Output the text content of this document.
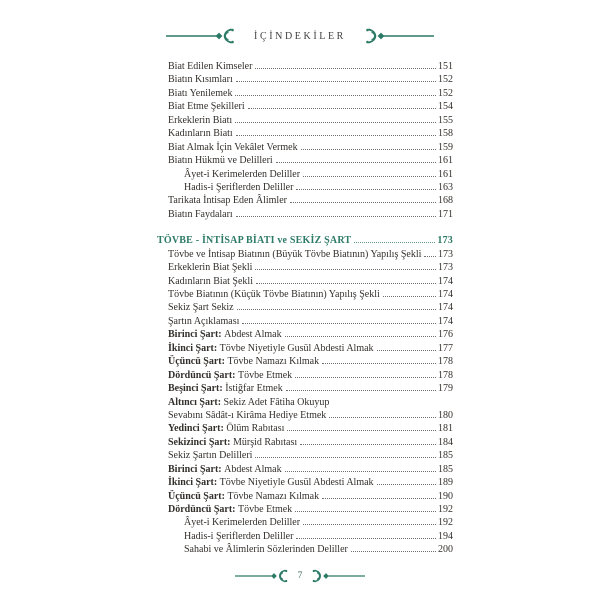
İÇİNDEKİLER
Biat Edilen Kimseler	151
Biatın Kısımları	152
Biatı Yenilemek	152
Biat Etme Şekilleri	154
Erkeklerin Biatı	155
Kadınların Biatı	158
Biat Almak İçin Vekâlet Vermek	159
Biatın Hükmü ve Delilleri	161
Âyet-i Kerimelerden Deliller	161
Hadis-i Şeriflerden Deliller	163
Tarikata İntisap Eden Âlimler	168
Biatın Faydaları	171
TÖVBE - İNTİSAP BİATI ve SEKİZ ŞART	173
Tövbe ve İntisap Biatının (Büyük Tövbe Biatının) Yapılış Şekli 173
Erkeklerin Biat Şekli	173
Kadınların Biat Şekli	174
Tövbe Biatının (Küçük Tövbe Biatının) Yapılış Şekli	174
Sekiz Şart Sekiz	174
Şartın Açıklaması	174
Birinci Şart: Abdest Almak	176
İkinci Şart: Tövbe Niyetiyle Gusül Abdesti Almak	177
Üçüncü Şart: Tövbe Namazı Kılmak	178
Dördüncü Şart: Tövbe Etmek	178
Beşinci Şart: İstiğfar Etmek	179
Altıncı Şart: Sekiz Adet Fâtiha Okuyup
Sevabını Sâdât-ı Kirâma Hediye Etmek	180
Yedinci Şart: Ölüm Rabıtası	181
Sekizinci Şart: Mürşid Rabıtası	184
Sekiz Şartın Delilleri	185
Birinci Şart: Abdest Almak	185
İkinci Şart: Tövbe Niyetiyle Gusül Abdesti Almak	189
Üçüncü Şart: Tövbe Namazı Kılmak	190
Dördüncü Şart: Tövbe Etmek	192
Âyet-i Kerimelerden Deliller	192
Hadis-i Şeriflerden Deliller	194
Sahabi ve Âlimlerin Sözlerinden Deliller	200
7
